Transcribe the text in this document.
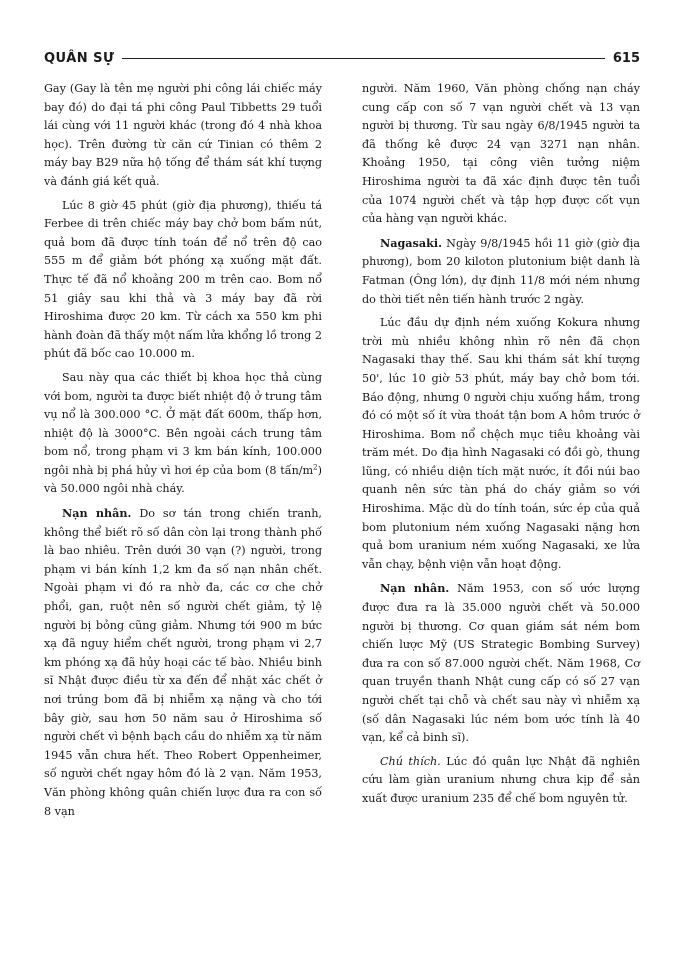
QUÂN SỰ	615

Gay (Gay là tên mẹ người phi công lái chiếc máy bay đó) do đại tá phi công Paul Tibbetts 29 tuổi lái cùng với 11 người khác (trong đó 4 nhà khoa học). Trên đường từ căn cứ Tinian có thêm 2 máy bay B29 nữa hộ tống để thám sát khí tượng và đánh giá kết quả.

Lúc 8 giờ 45 phút (giờ địa phương), thiếu tá Ferbee di trên chiếc máy bay chở bom bấm nút, quả bom đã được tính toán để nổ trên độ cao 555 m để giảm bớt phóng xạ xuống mặt đất. Thực tế đã nổ khoảng 200 m trên cao. Bom nổ 51 giây sau khi thả và 3 máy bay đã rời Hiroshima được 20 km. Từ cách xa 550 km phi hành đoàn đã thấy một nấm lửa khổng lồ trong 2 phút đã bốc cao 10.000 m.

Sau này qua các thiết bị khoa học thả cùng với bom, người ta được biết nhiệt độ ở trung tâm vụ nổ là 300.000 °C. Ở mặt đất 600m, thấp hơn, nhiệt độ là 3000°C. Bên ngoài cách trung tâm bom nổ, trong phạm vi 3 km bán kính, 100.000 ngôi nhà bị phá hủy vì hơi ép của bom (8 tấn/$m^2$) và 50.000 ngôi nhà cháy.

Nạn nhân. Do sơ tán trong chiến tranh, không thể biết rõ số dân còn lại trong thành phố là bao nhiêu. Trên dưới 30 vạn (?) người, trong phạm vi bán kính 1,2 km đa số nạn nhân chết. Ngoài phạm vi đó ra nhờ đa, các cơ che chở phổi, gan, ruột nên số người chết giảm, tỷ lệ người bị bỏng cũng giảm. Nhưng tới 900 m bức xạ đã nguy hiểm chết người, trong phạm vi 2,7 km phóng xạ đã hủy hoại các tế bào. Nhiều binh sĩ Nhật được điều từ xa đến để nhặt xác chết ở nơi trúng bom đã bị nhiễm xạ nặng và cho tới bây giờ, sau hơn 50 năm sau ở Hiroshima số người chết vì bệnh bạch cầu do nhiễm xạ từ năm 1945 vẫn chưa hết. Theo Robert Oppenheimer, số người chết ngay hôm đó là 2 vạn. Năm 1953, Văn phòng không quân chiến lược đưa ra con số 8 vạn

người. Năm 1960, Văn phòng chống nạn cháy cung cấp con số 7 vạn người chết và 13 vạn người bị thương. Từ sau ngày 6/8/1945 người ta đã thống kê được 24 vạn 3271 nạn nhân. Khoảng 1950, tại công viên tưởng niệm Hiroshima người ta đã xác định được tên tuổi của 1074 người chết và tập hợp được cốt vụn của hàng vạn người khác.

Nagasaki. Ngày 9/8/1945 hồi 11 giờ (giờ địa phương), bom 20 kiloton plutonium biệt danh là Fatman (Ông lớn), dự định 11/8 mới ném nhưng do thời tiết nên tiến hành trước 2 ngày.

Lúc đầu dự định ném xuống Kokura nhưng trời mù nhiều không nhìn rõ nên đã chọn Nagasaki thay thế. Sau khi thám sát khí tượng 50', lúc 10 giờ 53 phút, máy bay chở bom tới. Báo động, nhưng 0 người chịu xuống hầm, trong đó có một số ít vừa thoát tận bom A hôm trước ở Hiroshima. Bom nổ chệch mục tiêu khoảng vài trăm mét. Do địa hình Nagasaki có đồi gò, thung lũng, có nhiều diện tích mặt nước, ít đồi núi bao quanh nên sức tàn phá do cháy giảm so với Hiroshima. Mặc dù do tính toán, sức ép của quả bom plutonium ném xuống Nagasaki nặng hơn quả bom uranium ném xuống Nagasaki, xe lửa vẫn chạy, bệnh viện vẫn hoạt động.

Nạn nhân. Năm 1953, con số ước lượng được đưa ra là 35.000 người chết và 50.000 người bị thương. Cơ quan giám sát ném bom chiến lược Mỹ (US Strategic Bombing Survey) đưa ra con số 87.000 người chết. Năm 1968, Cơ quan truyền thanh Nhật cung cấp có số 27 vạn người chết tại chỗ và chết sau này vì nhiễm xạ (số dân Nagasaki lúc ném bom ước tính là 40 vạn, kể cả binh sĩ).

Chú thích. Lúc đó quân lực Nhật đã nghiên cứu làm giàn uranium nhưng chưa kịp để sản xuất được uranium 235 để chế bom nguyên tử.
